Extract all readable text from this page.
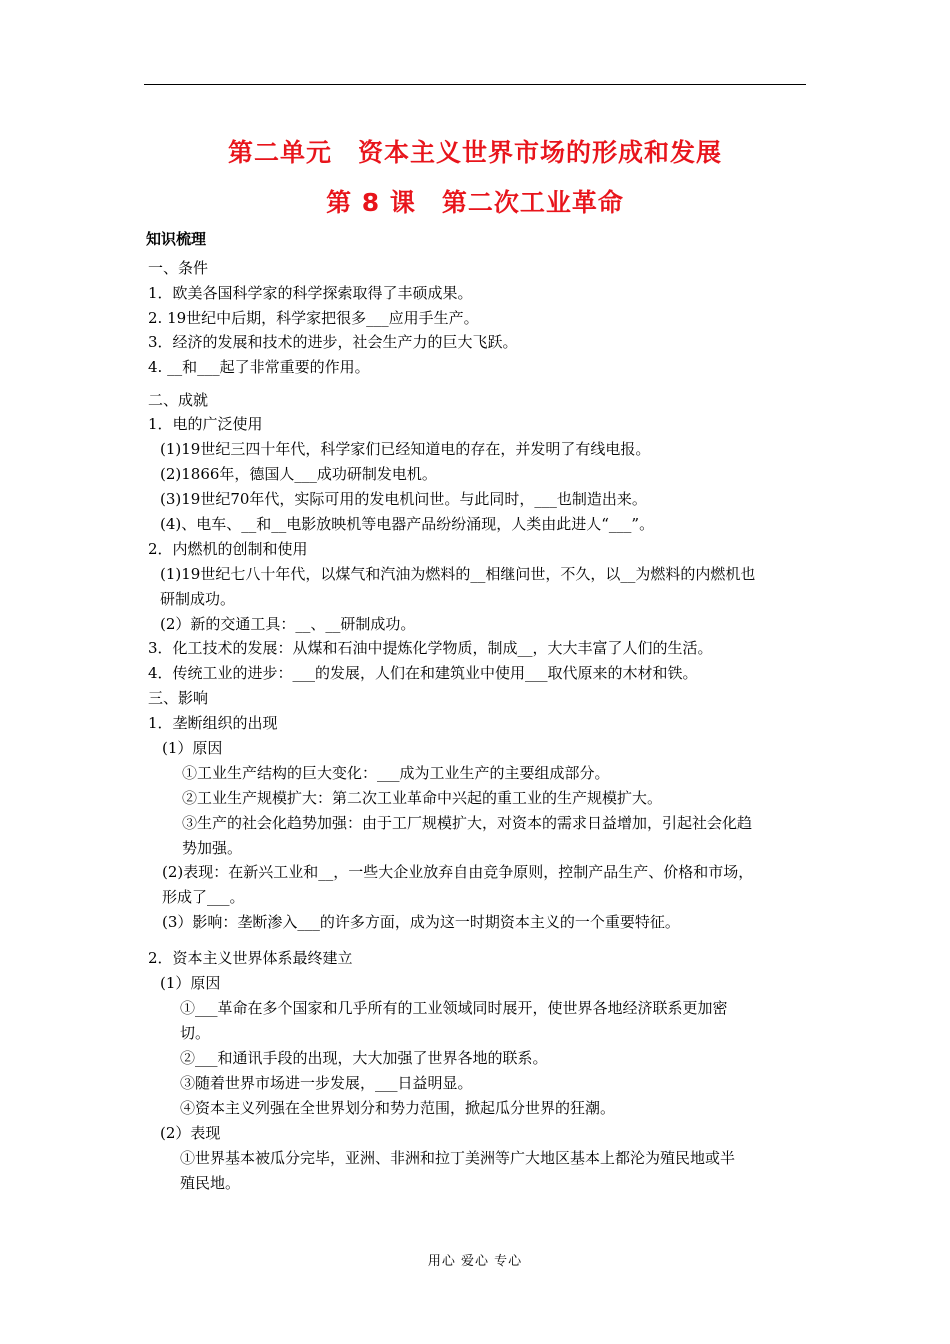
第二单元　资本主义世界市场的形成和发展
第 8 课　第二次工业革命
知识梳理
一、条件
1．欧美各国科学家的科学探索取得了丰硕成果。
2. 19世纪中后期，科学家把很多___应用手生产。
3．经济的发展和技术的进步，社会生产力的巨大飞跃。
4. __和___起了非常重要的作用。
二、成就
1．电的广泛使用
(1)19世纪三四十年代，科学家们已经知道电的存在，并发明了有线电报。
(2)1866年，德国人___成功研制发电机。
(3)19世纪70年代，实际可用的发电机问世。与此同时，___也制造出来。
(4)、电车、__和__电影放映机等电器产品纷纷涌现，人类由此进人“___”。
2．内燃机的创制和使用
(1)19世纪七八十年代，以煤气和汽油为燃料的__相继问世，不久，以__为燃料的内燃机也
研制成功。
(2）新的交通工具：__、__研制成功。
3．化工技术的发展：从煤和石油中提炼化学物质，制成__，大大丰富了人们的生活。
4．传统工业的进步：___的发展，人们在和建筑业中使用___取代原来的木材和铁。
三、影响
1．垄断组织的出现
(1）原因
①工业生产结构的巨大变化：___成为工业生产的主要组成部分。
②工业生产规模扩大：第二次工业革命中兴起的重工业的生产规模扩大。
③生产的社会化趋势加强：由于工厂规模扩大，对资本的需求日益增加，引起社会化趋
势加强。
(2)表现：在新兴工业和__，一些大企业放弃自由竞争原则，控制产品生产、价格和市场，
形成了___。
(3）影响：垄断渗入___的许多方面，成为这一时期资本主义的一个重要特征。
2．资本主义世界体系最终建立
(1）原因
①___革命在多个国家和几乎所有的工业领域同时展开，使世界各地经济联系更加密
切。
②___和通讯手段的出现，大大加强了世界各地的联系。
③随着世界市场进一步发展，___日益明显。
④资本主义列强在全世界划分和势力范围，掀起瓜分世界的狂潮。
(2）表现
①世界基本被瓜分完毕，亚洲、非洲和拉丁美洲等广大地区基本上都沦为殖民地或半
殖民地。
用心 爱心 专心
